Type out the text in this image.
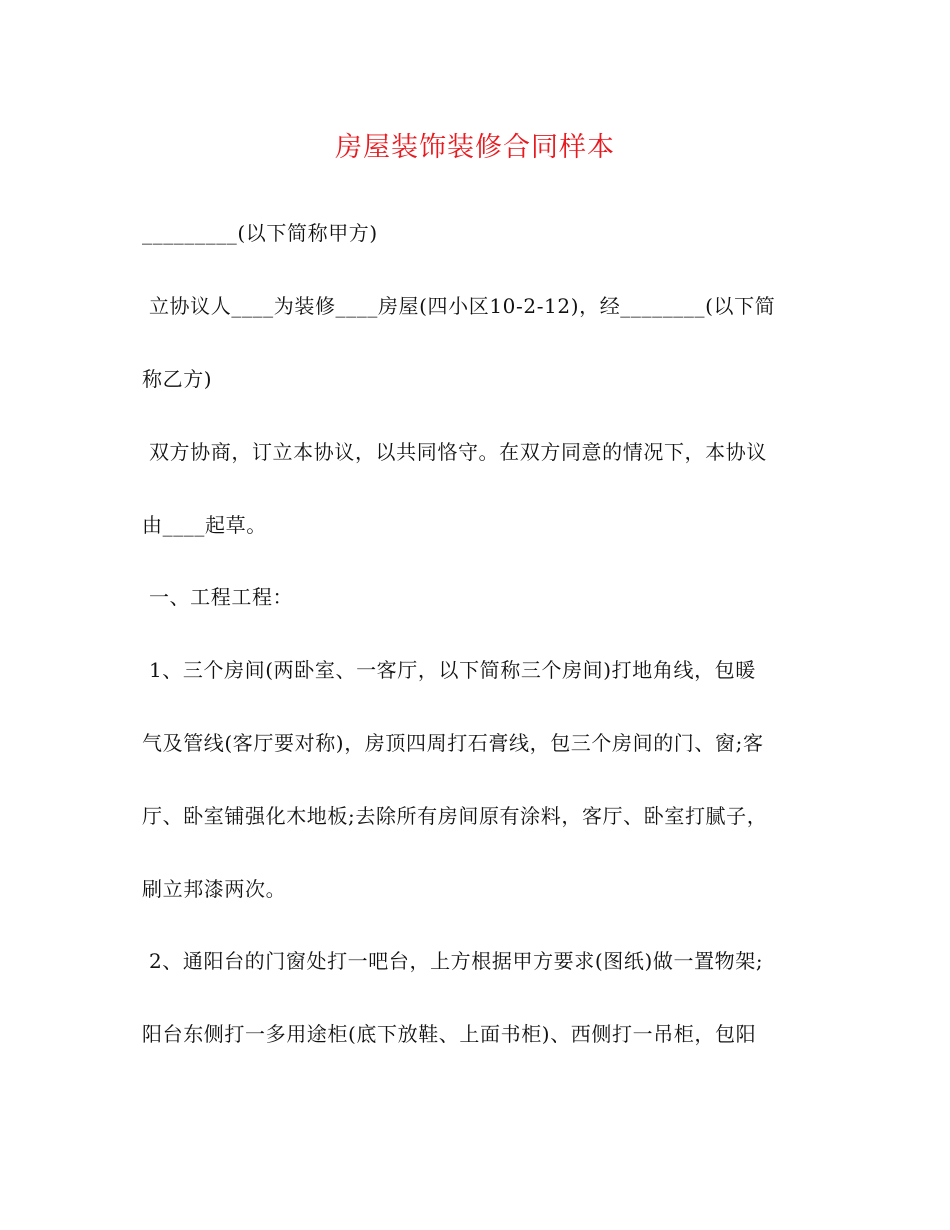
房屋装饰装修合同样本
_________(以下简称甲方)
立协议人____为装修____房屋(四小区10-2-12)，经________(以下简
称乙方)
双方协商，订立本协议，以共同恪守。在双方同意的情况下，本协议
由____起草。
一、工程工程：
1、三个房间(两卧室、一客厅，以下简称三个房间)打地角线，包暖
气及管线(客厅要对称)，房顶四周打石膏线，包三个房间的门、窗;客
厅、卧室铺强化木地板;去除所有房间原有涂料，客厅、卧室打腻子，
刷立邦漆两次。
2、通阳台的门窗处打一吧台，上方根据甲方要求(图纸)做一置物架;
阳台东侧打一多用途柜(底下放鞋、上面书柜)、西侧打一吊柜，包阳
